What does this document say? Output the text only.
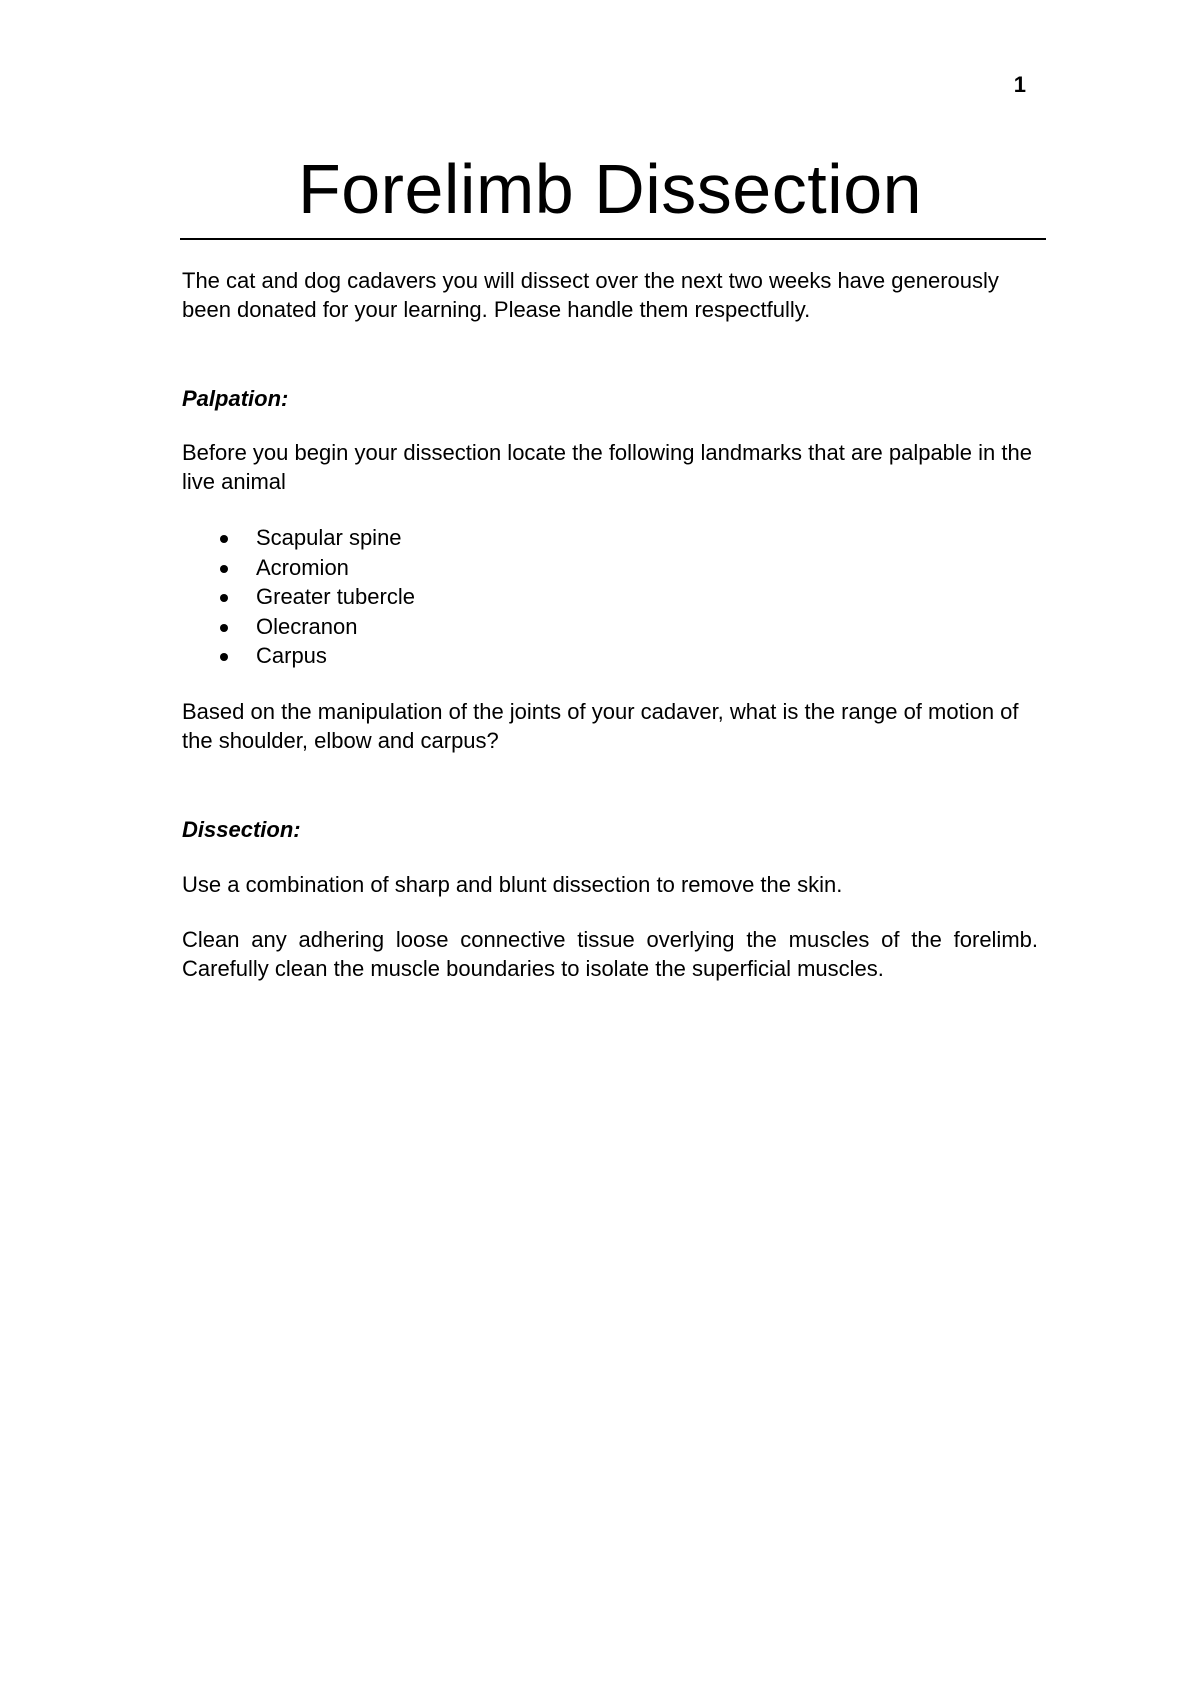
1
Forelimb Dissection

The cat and dog cadavers you will dissect over the next two weeks have generously been donated for your learning. Please handle them respectfully.

Palpation:

Before you begin your dissection locate the following landmarks that are palpable in the live animal

Scapular spine
Acromion
Greater tubercle
Olecranon
Carpus

Based on the manipulation of the joints of your cadaver, what is the range of motion of the shoulder, elbow and carpus?

Dissection:

Use a combination of sharp and blunt dissection to remove the skin.

Clean any adhering loose connective tissue overlying the muscles of the forelimb. Carefully clean the muscle boundaries to isolate the superficial muscles.
